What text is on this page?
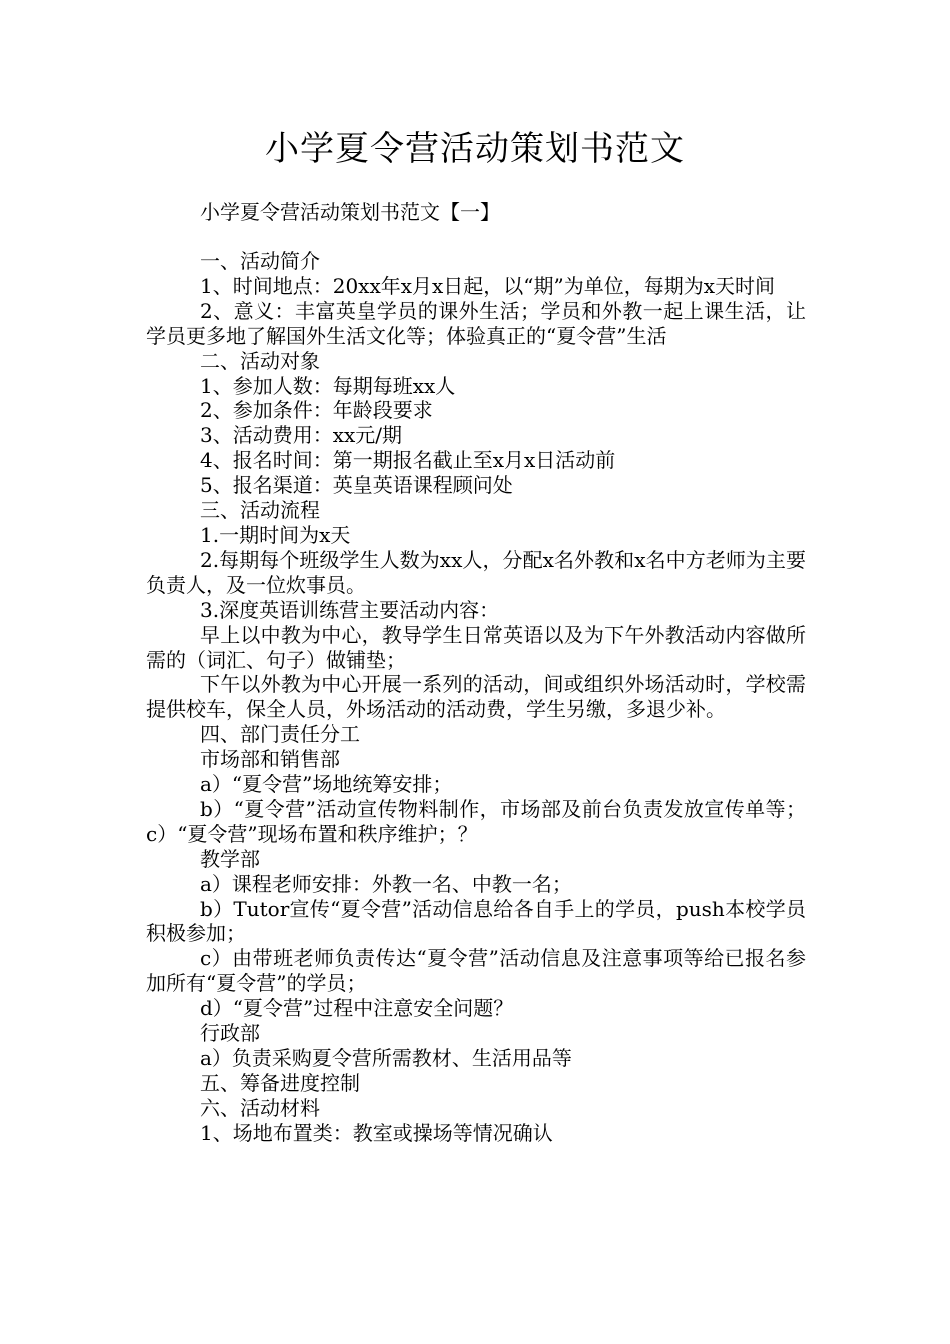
小学夏令营活动策划书范文

小学夏令营活动策划书范文【一】

一、活动简介

1、时间地点：20xx年x月x日起，以“期”为单位，每期为x天时间

2、意义：丰富英皇学员的课外生活；学员和外教一起上课生活，让学员更多地了解国外生活文化等；体验真正的“夏令营”生活

二、活动对象

1、参加人数：每期每班xx人

2、参加条件：年龄段要求

3、活动费用：xx元/期

4、报名时间：第一期报名截止至x月x日活动前

5、报名渠道：英皇英语课程顾问处

三、活动流程

1.一期时间为x天

2.每期每个班级学生人数为xx人，分配x名外教和x名中方老师为主要负责人，及一位炊事员。

3.深度英语训练营主要活动内容：

早上以中教为中心，教导学生日常英语以及为下午外教活动内容做所需的（词汇、句子）做铺垫；

下午以外教为中心开展一系列的活动，间或组织外场活动时，学校需提供校车，保全人员，外场活动的活动费，学生另缴，多退少补。

四、部门责任分工

市场部和销售部

a）“夏令营”场地统筹安排；

b）“夏令营”活动宣传物料制作，市场部及前台负责发放宣传单等；c）“夏令营”现场布置和秩序维护；？

教学部

a）课程老师安排：外教一名、中教一名；

b）Tutor宣传“夏令营”活动信息给各自手上的学员，push本校学员积极参加；

c）由带班老师负责传达“夏令营”活动信息及注意事项等给已报名参加所有“夏令营”的学员；

d）“夏令营”过程中注意安全问题？

行政部

a）负责采购夏令营所需教材、生活用品等

五、筹备进度控制

六、活动材料

1、场地布置类：教室或操场等情况确认
